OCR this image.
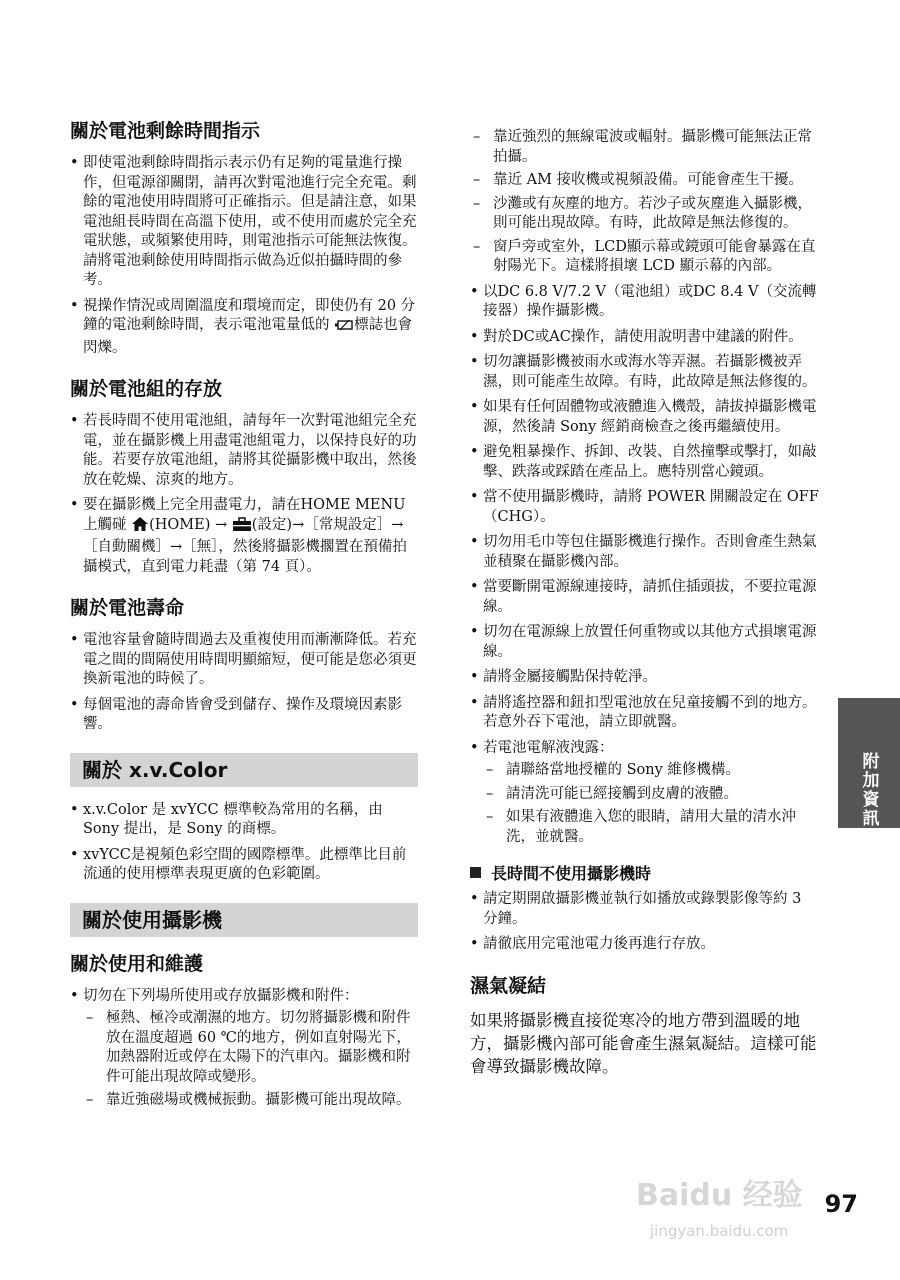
關於電池剩餘時間指示
• 即使電池剩餘時間指示表示仍有足夠的電量進行操作，但電源卻關閉，請再次對電池進行完全充電。剩餘的電池使用時間將可正確指示。但是請注意，如果電池組長時間在高溫下使用，或不使用而處於完全充電狀態，或頻繁使用時，則電池指示可能無法恢復。請將電池剩餘使用時間指示做為近似拍攝時間的參考。
• 視操作情況或周圍溫度和環境而定，即使仍有 20 分鐘的電池剩餘時間，表示電池電量低的 標誌也會閃爍。
關於電池組的存放
• 若長時間不使用電池組，請每年一次對電池組完全充電，並在攝影機上用盡電池組電力，以保持良好的功能。若要存放電池組，請將其從攝影機中取出，然後放在乾燥、涼爽的地方。
• 要在攝影機上完全用盡電力，請在HOME MENU 上觸碰 (HOME) → (設定)→［常規設定］→［自動關機］→［無］，然後將攝影機擱置在預備拍攝模式，直到電力耗盡（第 74 頁）。
關於電池壽命
• 電池容量會隨時間過去及重複使用而漸漸降低。若充電之間的間隔使用時間明顯縮短，便可能是您必須更換新電池的時候了。
• 每個電池的壽命皆會受到儲存、操作及環境因素影響。
關於 x.v.Color
• x.v.Color 是 xvYCC 標準較為常用的名稱，由 Sony 提出，是 Sony 的商標。
• xvYCC是視頻色彩空間的國際標準。此標準比目前流通的使用標準表現更廣的色彩範圍。
關於使用攝影機
關於使用和維護
• 切勿在下列場所使用或存放攝影機和附件：
– 極熱、極冷或潮濕的地方。切勿將攝影機和附件放在溫度超過 60 ℃的地方，例如直射陽光下，加熱器附近或停在太陽下的汽車內。攝影機和附件可能出現故障或變形。
– 靠近強磁場或機械振動。攝影機可能出現故障。
– 靠近強烈的無線電波或輻射。攝影機可能無法正常拍攝。
– 靠近 AM 接收機或視頻設備。可能會產生干擾。
– 沙灘或有灰塵的地方。若沙子或灰塵進入攝影機，則可能出現故障。有時，此故障是無法修復的。
– 窗戶旁或室外，LCD顯示幕或鏡頭可能會暴露在直射陽光下。這樣將損壞 LCD 顯示幕的內部。
• 以DC 6.8 V/7.2 V（電池組）或DC 8.4 V（交流轉接器）操作攝影機。
• 對於DC或AC操作，請使用說明書中建議的附件。
• 切勿讓攝影機被雨水或海水等弄濕。若攝影機被弄濕，則可能產生故障。有時，此故障是無法修復的。
• 如果有任何固體物或液體進入機殼，請拔掉攝影機電源，然後請 Sony 經銷商檢查之後再繼續使用。
• 避免粗暴操作、拆卸、改裝、自然撞擊或擊打，如敲擊、跌落或踩踏在產品上。應特別當心鏡頭。
• 當不使用攝影機時，請將 POWER 開關設定在 OFF（CHG）。
• 切勿用毛巾等包住攝影機進行操作。否則會產生熱氣並積聚在攝影機內部。
• 當要斷開電源線連接時，請抓住插頭拔，不要拉電源線。
• 切勿在電源線上放置任何重物或以其他方式損壞電源線。
• 請將金屬接觸點保持乾淨。
• 請將遙控器和鈕扣型電池放在兒童接觸不到的地方。若意外吞下電池，請立即就醫。
• 若電池電解液洩露：
– 請聯絡當地授權的 Sony 維修機構。
– 請清洗可能已經接觸到皮膚的液體。
– 如果有液體進入您的眼睛，請用大量的清水沖洗，並就醫。
長時間不使用攝影機時
• 請定期開啟攝影機並執行如播放或錄製影像等約 3 分鐘。
• 請徹底用完電池電力後再進行存放。
濕氣凝結

如果將攝影機直接從寒冷的地方帶到溫暖的地方，攝影機內部可能會產生濕氣凝結。這樣可能會導致攝影機故障。

附加資訊
Baidu 经验
jingyan.baidu.com
97
